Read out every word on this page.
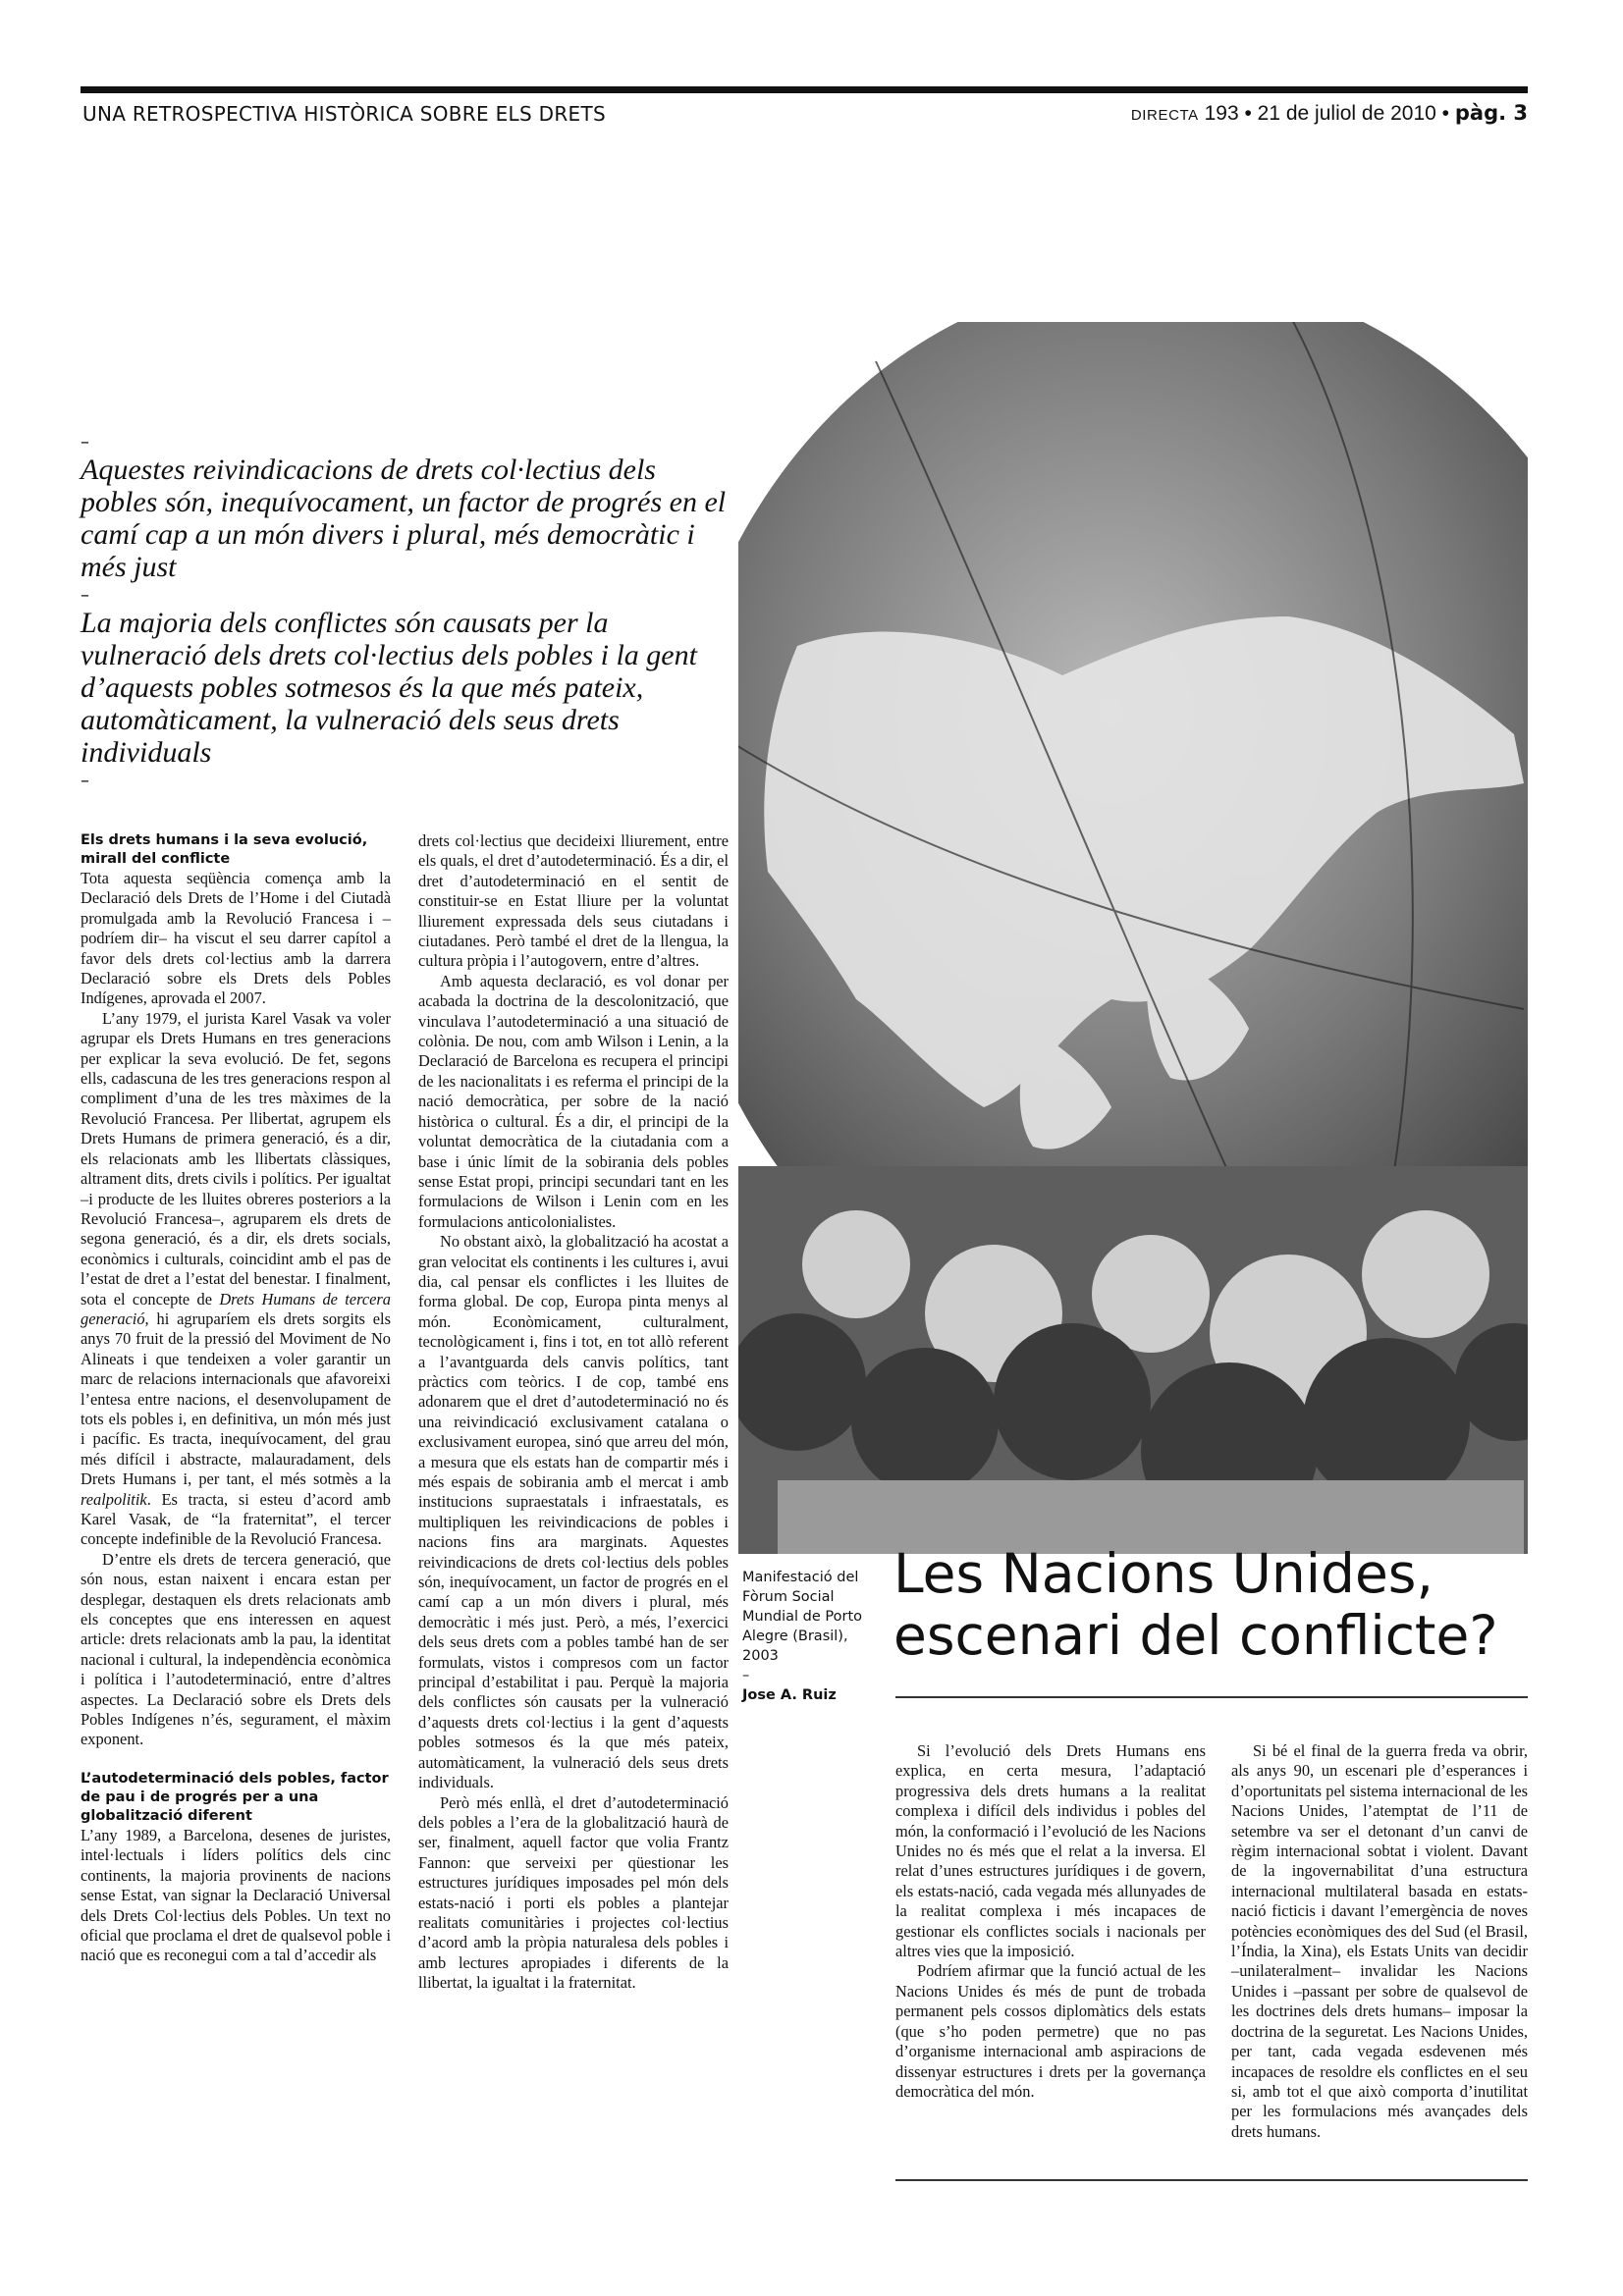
UNA RETROSPECTIVA HISTÒRICA SOBRE ELS DRETS	DIRECTA 193 • 21 de juliol de 2010 • pàg. 3
–

Aquestes reivindicacions de drets col·lectius dels pobles són, inequívocament, un factor de progrés en el camí cap a un món divers i plural, més democràtic i més just

–

La majoria dels conflictes són causats per la vulneració dels drets col·lectius dels pobles i la gent d’aquests pobles sotmesos és la que més pateix, automàticament, la vulneració dels seus drets individuals

–
Manifestació del Fòrum Social Mundial de Porto Alegre (Brasil), 2003
–
Jose A. Ruiz
Les Nacions Unides, escenari del conflicte?
Els drets humans i la seva evolució, mirall del conflicte

Tota aquesta seqüència comença amb la Declaració dels Drets de l’Home i del Ciutadà promulgada amb la Revolució Francesa i –podríem dir– ha viscut el seu darrer capítol a favor dels drets col·lectius amb la darrera Declaració sobre els Drets dels Pobles Indígenes, aprovada el 2007.

L’any 1979, el jurista Karel Vasak va voler agrupar els Drets Humans en tres generacions per explicar la seva evolució. De fet, segons ells, cadascuna de les tres generacions respon al compliment d’una de les tres màximes de la Revolució Francesa. Per llibertat, agrupem els Drets Humans de primera generació, és a dir, els relacionats amb les llibertats clàssiques, altrament dits, drets civils i polítics. Per igualtat –i producte de les lluites obreres posteriors a la Revolució Francesa–, agruparem els drets de segona generació, és a dir, els drets socials, econòmics i culturals, coincidint amb el pas de l’estat de dret a l’estat del benestar. I finalment, sota el concepte de Drets Humans de tercera generació, hi agruparíem els drets sorgits els anys 70 fruit de la pressió del Moviment de No Alineats i que tendeixen a voler garantir un marc de relacions internacionals que afavoreixi l’entesa entre nacions, el desenvolupament de tots els pobles i, en definitiva, un món més just i pacífic. Es tracta, inequívocament, del grau més difícil i abstracte, malauradament, dels Drets Humans i, per tant, el més sotmès a la realpolitik. Es tracta, si esteu d’acord amb Karel Vasak, de “la fraternitat”, el tercer concepte indefinible de la Revolució Francesa.

D’entre els drets de tercera generació, que són nous, estan naixent i encara estan per desplegar, destaquen els drets relacionats amb els conceptes que ens interessen en aquest article: drets relacionats amb la pau, la identitat nacional i cultural, la independència econòmica i política i l’autodeterminació, entre d’altres aspectes. La Declaració sobre els Drets dels Pobles Indígenes n’és, segurament, el màxim exponent.

L’autodeterminació dels pobles, factor de pau i de progrés per a una globalització diferent

L’any 1989, a Barcelona, desenes de juristes, intel·lectuals i líders polítics dels cinc continents, la majoria provinents de nacions sense Estat, van signar la Declaració Universal dels Drets Col·lectius dels Pobles. Un text no oficial que proclama el dret de qualsevol poble i nació que es reconegui com a tal d’accedir als

drets col·lectius que decideixi lliurement, entre els quals, el dret d’autodeterminació. És a dir, el dret d’autodeterminació en el sentit de constituir-se en Estat lliure per la voluntat lliurement expressada dels seus ciutadans i ciutadanes. Però també el dret de la llengua, la cultura pròpia i l’autogovern, entre d’altres.

Amb aquesta declaració, es vol donar per acabada la doctrina de la descolonització, que vinculava l’autodeterminació a una situació de colònia. De nou, com amb Wilson i Lenin, a la Declaració de Barcelona es recupera el principi de les nacionalitats i es referma el principi de la nació democràtica, per sobre de la nació històrica o cultural. És a dir, el principi de la voluntat democràtica de la ciutadania com a base i únic límit de la sobirania dels pobles sense Estat propi, principi secundari tant en les formulacions de Wilson i Lenin com en les formulacions anticolonialistes.

No obstant això, la globalització ha acostat a gran velocitat els continents i les cultures i, avui dia, cal pensar els conflictes i les lluites de forma global. De cop, Europa pinta menys al món. Econòmicament, culturalment, tecnològicament i, fins i tot, en tot allò referent a l’avantguarda dels canvis polítics, tant pràctics com teòrics. I de cop, també ens adonarem que el dret d’autodeterminació no és una reivindicació exclusivament catalana o exclusivament europea, sinó que arreu del món, a mesura que els estats han de compartir més i més espais de sobirania amb el mercat i amb institucions supraestatals i infraestatals, es multipliquen les reivindicacions de pobles i nacions fins ara marginats. Aquestes reivindicacions de drets col·lectius dels pobles són, inequívocament, un factor de progrés en el camí cap a un món divers i plural, més democràtic i més just. Però, a més, l’exercici dels seus drets com a pobles també han de ser formulats, vistos i compresos com un factor principal d’estabilitat i pau. Perquè la majoria dels conflictes són causats per la vulneració d’aquests drets col·lectius i la gent d’aquests pobles sotmesos és la que més pateix, automàticament, la vulneració dels seus drets individuals.

Però més enllà, el dret d’autodeterminació dels pobles a l’era de la globalització haurà de ser, finalment, aquell factor que volia Frantz Fannon: que serveixi per qüestionar les estructures jurídiques imposades pel món dels estats-nació i porti els pobles a plantejar realitats comunitàries i projectes col·lectius d’acord amb la pròpia naturalesa dels pobles i amb lectures apropiades i diferents de la llibertat, la igualtat i la fraternitat.

Si l’evolució dels Drets Humans ens explica, en certa mesura, l’adaptació progressiva dels drets humans a la realitat complexa i difícil dels individus i pobles del món, la conformació i l’evolució de les Nacions Unides no és més que el relat a la inversa. El relat d’unes estructures jurídiques i de govern, els estats-nació, cada vegada més allunyades de la realitat complexa i més incapaces de gestionar els conflictes socials i nacionals per altres vies que la imposició.

Podríem afirmar que la funció actual de les Nacions Unides és més de punt de trobada permanent pels cossos diplomàtics dels estats (que s’ho poden permetre) que no pas d’organisme internacional amb aspiracions de dissenyar estructures i drets per la governança democràtica del món.

Si bé el final de la guerra freda va obrir, als anys 90, un escenari ple d’esperances i d’oportunitats pel sistema internacional de les Nacions Unides, l’atemptat de l’11 de setembre va ser el detonant d’un canvi de règim internacional sobtat i violent. Davant de la ingovernabilitat d’una estructura internacional multilateral basada en estats-nació ficticis i davant l’emergència de noves potències econòmiques des del Sud (el Brasil, l’Índia, la Xina), els Estats Units van decidir –unilateralment– invalidar les Nacions Unides i –passant per sobre de qualsevol de les doctrines dels drets humans– imposar la doctrina de la seguretat. Les Nacions Unides, per tant, cada vegada esdevenen més incapaces de resoldre els conflictes en el seu si, amb tot el que això comporta d’inutilitat per les formulacions més avançades dels drets humans.
